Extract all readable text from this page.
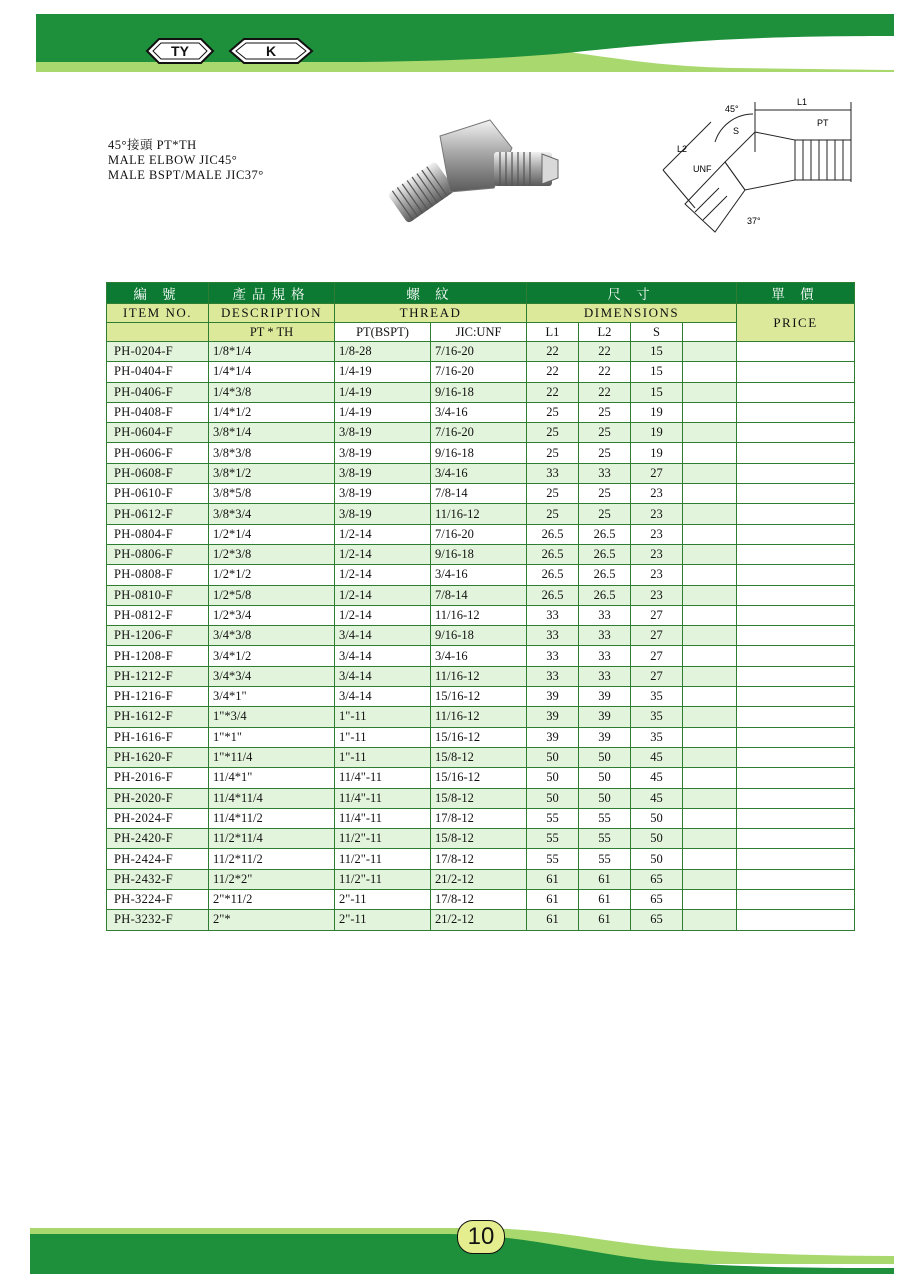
TY	K
45°接頭 PT*TH
MALE ELBOW JIC45°
MALE BSPT/MALE JIC37°
45°
L1
PT
S
L2
UNF
37°
編 號	產品規格	螺 紋		尺 寸				單 價
ITEM NO.	DESCRIPTION	THREAD		DIMENSIONS				PRICE
	PT * TH	PT(BSPT)	JIC:UNF	L1	L2	S		
PH-0204-F	1/8*1/4	1/8-28	7/16-20	22	22	15		
PH-0404-F	1/4*1/4	1/4-19	7/16-20	22	22	15		
PH-0406-F	1/4*3/8	1/4-19	9/16-18	22	22	15		
PH-0408-F	1/4*1/2	1/4-19	3/4-16	25	25	19		
PH-0604-F	3/8*1/4	3/8-19	7/16-20	25	25	19		
PH-0606-F	3/8*3/8	3/8-19	9/16-18	25	25	19		
PH-0608-F	3/8*1/2	3/8-19	3/4-16	33	33	27		
PH-0610-F	3/8*5/8	3/8-19	7/8-14	25	25	23		
PH-0612-F	3/8*3/4	3/8-19	11/16-12	25	25	23		
PH-0804-F	1/2*1/4	1/2-14	7/16-20	26.5	26.5	23		
PH-0806-F	1/2*3/8	1/2-14	9/16-18	26.5	26.5	23		
PH-0808-F	1/2*1/2	1/2-14	3/4-16	26.5	26.5	23		
PH-0810-F	1/2*5/8	1/2-14	7/8-14	26.5	26.5	23		
PH-0812-F	1/2*3/4	1/2-14	11/16-12	33	33	27		
PH-1206-F	3/4*3/8	3/4-14	9/16-18	33	33	27		
PH-1208-F	3/4*1/2	3/4-14	3/4-16	33	33	27		
PH-1212-F	3/4*3/4	3/4-14	11/16-12	33	33	27		
PH-1216-F	3/4*1"	3/4-14	15/16-12	39	39	35		
PH-1612-F	1"*3/4	1"-11	11/16-12	39	39	35		
PH-1616-F	1"*1"	1"-11	15/16-12	39	39	35		
PH-1620-F	1"*11/4	1"-11	15/8-12	50	50	45		
PH-2016-F	11/4*1"	11/4"-11	15/16-12	50	50	45		
PH-2020-F	11/4*11/4	11/4"-11	15/8-12	50	50	45		
PH-2024-F	11/4*11/2	11/4"-11	17/8-12	55	55	50		
PH-2420-F	11/2*11/4	11/2"-11	15/8-12	55	55	50		
PH-2424-F	11/2*11/2	11/2"-11	17/8-12	55	55	50		
PH-2432-F	11/2*2"	11/2"-11	21/2-12	61	61	65		
PH-3224-F	2"*11/2	2"-11	17/8-12	61	61	65		
PH-3232-F	2"*	2"-11	21/2-12	61	61	65		
10
